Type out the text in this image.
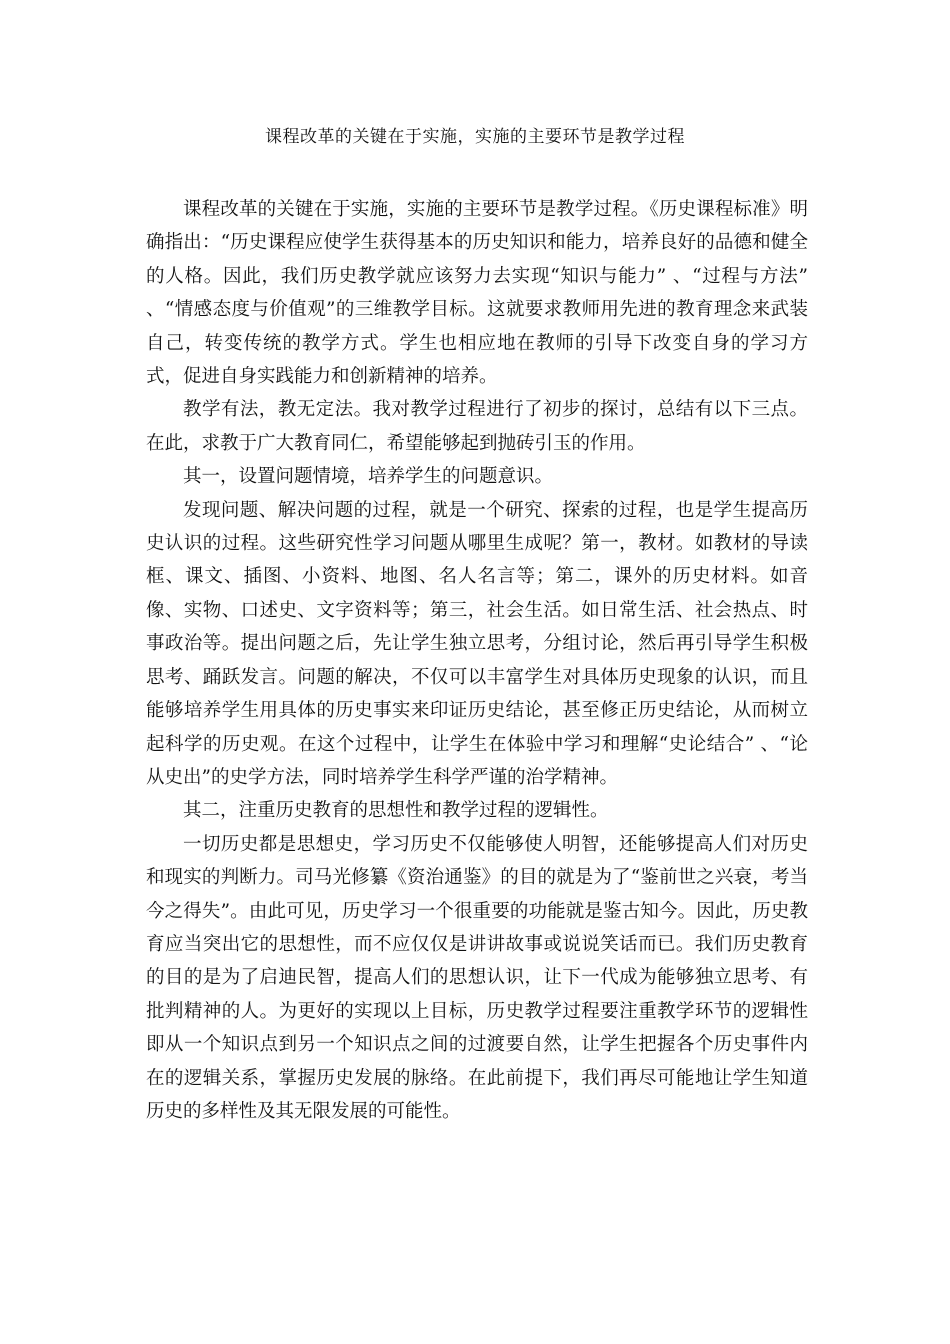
课程改革的关键在于实施，实施的主要环节是教学过程

课程改革的关键在于实施，实施的主要环节是教学过程。《历史课程标准》明确指出：“历史课程应使学生获得基本的历史知识和能力，培养良好的品德和健全的人格。因此，我们历史教学就应该努力去实现“知识与能力” 、“过程与方法” 、“情感态度与价值观”的三维教学目标。这就要求教师用先进的教育理念来武装自己，转变传统的教学方式。学生也相应地在教师的引导下改变自身的学习方式，促进自身实践能力和创新精神的培养。

教学有法，教无定法。我对教学过程进行了初步的探讨，总结有以下三点。在此，求教于广大教育同仁，希望能够起到抛砖引玉的作用。

其一，设置问题情境，培养学生的问题意识。

发现问题、解决问题的过程，就是一个研究、探索的过程，也是学生提高历史认识的过程。这些研究性学习问题从哪里生成呢？第一，教材。如教材的导读框、课文、插图、小资料、地图、名人名言等；第二，课外的历史材料。如音像、实物、口述史、文字资料等；第三，社会生活。如日常生活、社会热点、时事政治等。提出问题之后，先让学生独立思考，分组讨论，然后再引导学生积极思考、踊跃发言。问题的解决，不仅可以丰富学生对具体历史现象的认识，而且能够培养学生用具体的历史事实来印证历史结论，甚至修正历史结论，从而树立起科学的历史观。在这个过程中，让学生在体验中学习和理解“史论结合” 、“论从史出”的史学方法，同时培养学生科学严谨的治学精神。

其二，注重历史教育的思想性和教学过程的逻辑性。

一切历史都是思想史，学习历史不仅能够使人明智，还能够提高人们对历史和现实的判断力。司马光修纂《资治通鉴》的目的就是为了“鉴前世之兴衰，考当今之得失”。由此可见，历史学习一个很重要的功能就是鉴古知今。因此，历史教育应当突出它的思想性，而不应仅仅是讲讲故事或说说笑话而已。我们历史教育的目的是为了启迪民智，提高人们的思想认识，让下一代成为能够独立思考、有批判精神的人。为更好的实现以上目标，历史教学过程要注重教学环节的逻辑性即从一个知识点到另一个知识点之间的过渡要自然，让学生把握各个历史事件内在的逻辑关系，掌握历史发展的脉络。在此前提下，我们再尽可能地让学生知道历史的多样性及其无限发展的可能性。
